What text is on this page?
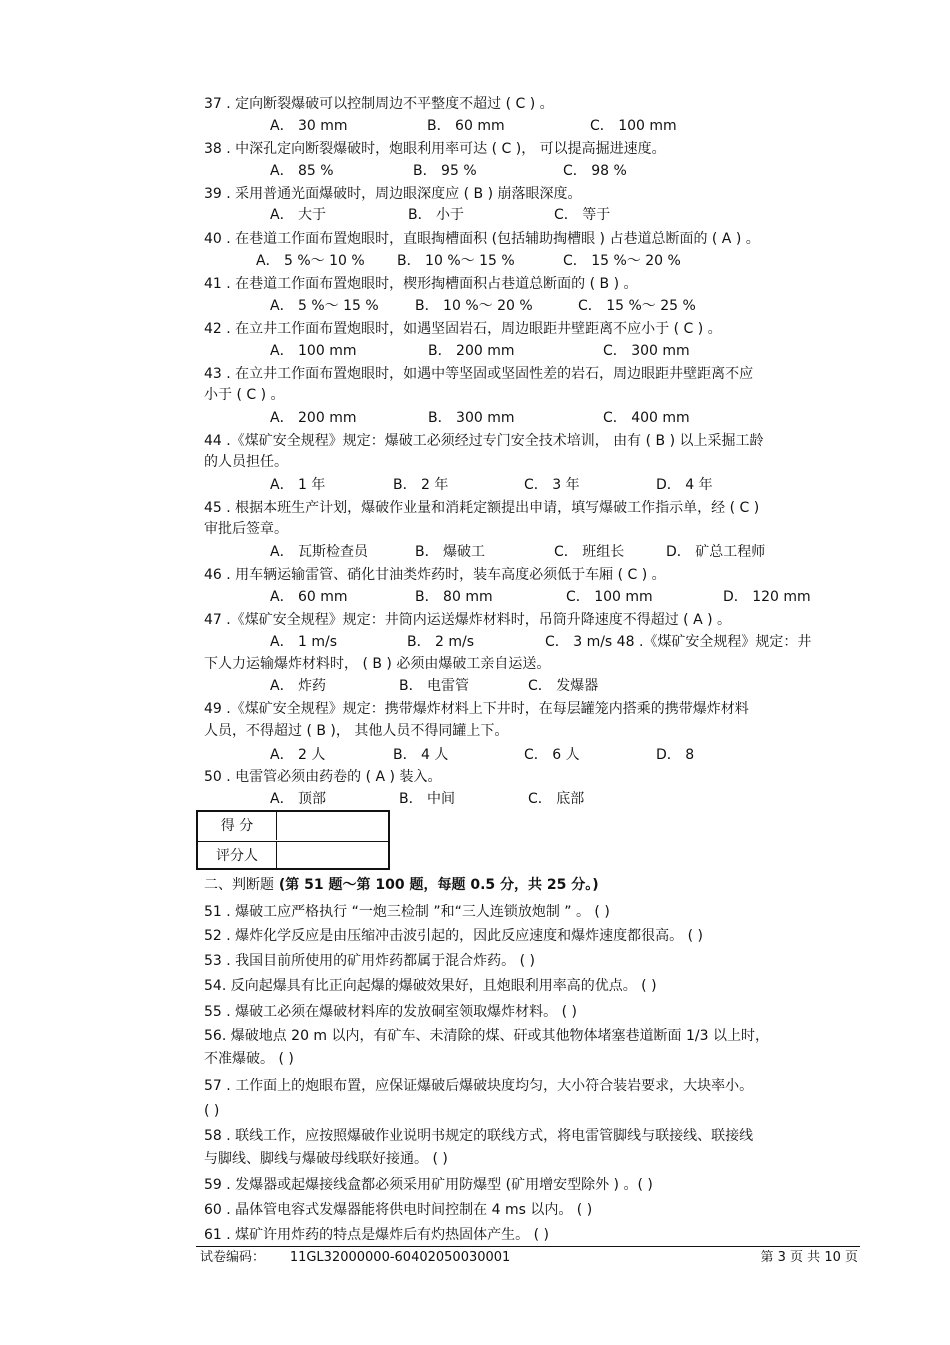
37 . 定向断裂爆破可以控制周边不平整度不超过 ( C ) 。
A． 30 mm	B． 60 mm	C． 100 mm
38 . 中深孔定向断裂爆破时，炮眼利用率可达 ( C )， 可以提高掘进速度。
A． 85 %	B． 95 %	C． 98 %
39 . 采用普通光面爆破时，周边眼深度应 ( B ) 崩落眼深度。
A． 大于	B． 小于	C． 等于
40 . 在巷道工作面布置炮眼时，直眼掏槽面积 (包括辅助掏槽眼 ) 占巷道总断面的 ( A ) 。
A． 5 %～ 10 % B． 10 %～ 15 %	C． 15 %～ 20 %
41 . 在巷道工作面布置炮眼时，楔形掏槽面积占巷道总断面的 ( B ) 。
A． 5 %～ 15 %	B． 10 %～ 20 %	C． 15 %～ 25 %
42 . 在立井工作面布置炮眼时，如遇坚固岩石，周边眼距井壁距离不应小于 ( C ) 。
A． 100 mm	B． 200 mm	C． 300 mm
43 . 在立井工作面布置炮眼时，如遇中等坚固或坚固性差的岩石，周边眼距井壁距离不应
小于 ( C ) 。
A． 200 mm	B． 300 mm	C． 400 mm
44 .《煤矿安全规程》规定：爆破工必须经过专门安全技术培训， 由有 ( B ) 以上采掘工龄
的人员担任。
A． 1 年	B． 2 年	C． 3 年	D． 4 年
45 . 根据本班生产计划，爆破作业量和消耗定额提出申请，填写爆破工作指示单，经 ( C )
审批后签章。
A． 瓦斯检查员	B． 爆破工	C． 班组长	D． 矿总工程师
46 . 用车辆运输雷管、硝化甘油类炸药时，装车高度必须低于车厢 ( C ) 。
A． 60 mm	B． 80 mm	C． 100 mm	D． 120 mm
47 .《煤矿安全规程》规定：井筒内运送爆炸材料时，吊筒升降速度不得超过 ( A ) 。
A． 1 m/s	B． 2 m/s	C． 3 m/s 48 .《煤矿安全规程》规定：井
下人力运输爆炸材料时， ( B ) 必须由爆破工亲自运送。
A． 炸药	B． 电雷管	C． 发爆器
49 .《煤矿安全规程》规定：携带爆炸材料上下井时，在每层罐笼内搭乘的携带爆炸材料
人员，不得超过 ( B )， 其他人员不得同罐上下。
A． 2 人	B． 4 人	C． 6 人	D． 8
50 . 电雷管必须由药卷的 ( A ) 装入。
A． 顶部	B． 中间	C． 底部
得 分
评分人
二、判断题 (第 51 题～第 100 题，每题 0.5 分，共 25 分。)
51 . 爆破工应严格执行 “一炮三检制 ”和“三人连锁放炮制 ” 。 ( )
52 . 爆炸化学反应是由压缩冲击波引起的，因此反应速度和爆炸速度都很高。 ( )
53 . 我国目前所使用的矿用炸药都属于混合炸药。 ( )
54. 反向起爆具有比正向起爆的爆破效果好，且炮眼利用率高的优点。 ( )
55 . 爆破工必须在爆破材料库的发放硐室领取爆炸材料。 ( )
56. 爆破地点 20 m 以内，有矿车、未清除的煤、矸或其他物体堵塞巷道断面 1/3 以上时，
不准爆破。 ( )
57 . 工作面上的炮眼布置，应保证爆破后爆破块度均匀，大小符合装岩要求，大块率小。
( )
58 . 联线工作，应按照爆破作业说明书规定的联线方式，将电雷管脚线与联接线、联接线
与脚线、脚线与爆破母线联好接通。 ( )
59 . 发爆器或起爆接线盒都必须采用矿用防爆型 (矿用增安型除外 ) 。( )
60 . 晶体管电容式发爆器能将供电时间控制在 4 ms 以内。 ( )
61 . 煤矿许用炸药的特点是爆炸后有灼热固体产生。 ( )
试卷编码： 11GL32000000-60402050030001	第 3 页 共 10 页
